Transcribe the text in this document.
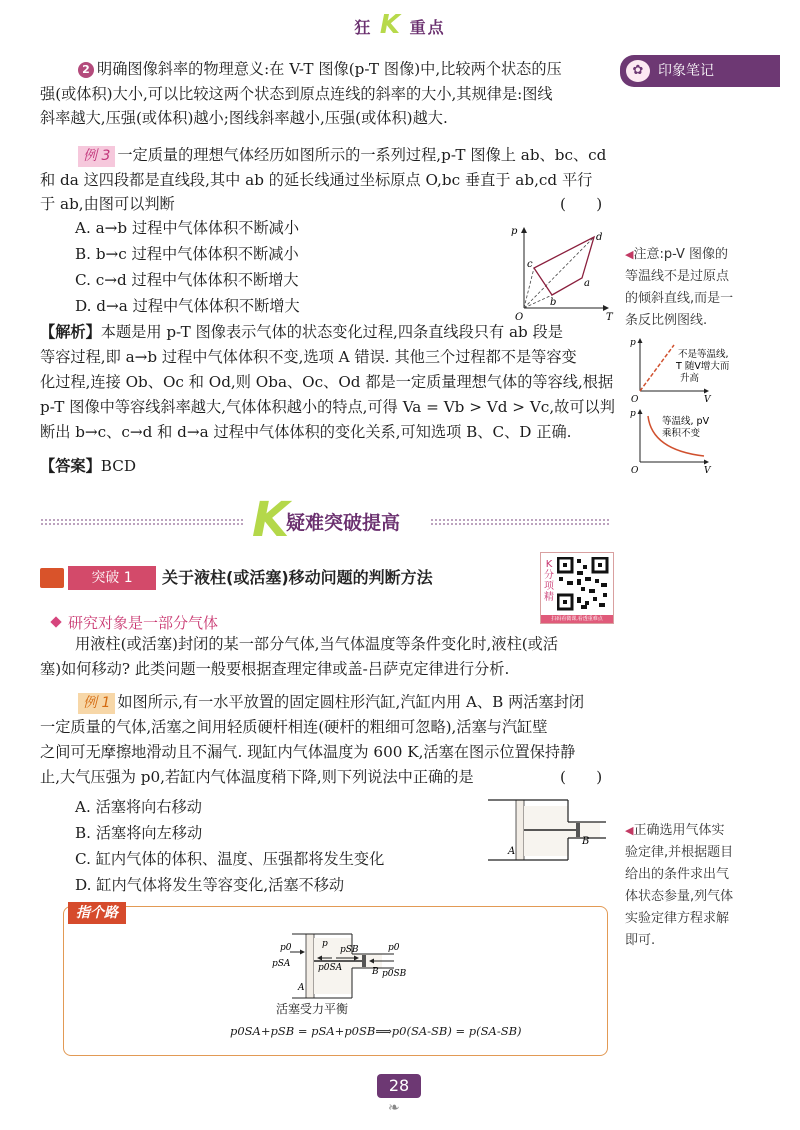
狂 K 重点
✿	印象笔记
2 明确图像斜率的物理意义:在 V-T 图像(p-T 图像)中,比较两个状态的压
强(或体积)大小,可以比较这两个状态到原点连线的斜率的大小,其规律是:图线
斜率越大,压强(或体积)越小;图线斜率越小,压强(或体积)越大.
例 3 一定质量的理想气体经历如图所示的一系列过程,p-T 图像上 ab、bc、cd
和 da 这四段都是直线段,其中 ab 的延长线通过坐标原点 O,bc 垂直于 ab,cd 平行
于 ab,由图可以判断	(　　)
A. a→b 过程中气体体积不断减小
B. b→c 过程中气体体积不断减小
C. c→d 过程中气体体积不断增大
D. d→a 过程中气体体积不断增大
p
T
O
a
b
c
d
【解析】本题是用 p-T 图像表示气体的状态变化过程,四条直线段只有 ab 段是
等容过程,即 a→b 过程中气体体积不变,选项 A 错误. 其他三个过程都不是等容变
化过程,连接 Ob、Oc 和 Od,则 Oba、Oc、Od 都是一定质量理想气体的等容线,根据
p-T 图像中等容线斜率越大,气体体积越小的特点,可得 Va = Vb > Vd > Vc,故可以判
断出 b→c、c→d 和 d→a 过程中气体体积的变化关系,可知选项 B、C、D 正确.
【答案】BCD
◀注意:p-V 图像的
等温线不是过原点
的倾斜直线,而是一
条反比例图线.
p
V
O
不是等温线,
T 随V增大而
升高
p
V
O
等温线, pV
乘积不变
K
疑难突破提高
突破 1	关于液柱(或活塞)移动问题的判断方法
K分项精
扫码看微课,看透重难点
研究对象是一部分气体
用液柱(或活塞)封闭的某一部分气体,当气体温度等条件变化时,液柱(或活
塞)如何移动? 此类问题一般要根据查理定律或盖-吕萨克定律进行分析.
例 1 如图所示,有一水平放置的固定圆柱形汽缸,汽缸内用 A、B 两活塞封闭
一定质量的气体,活塞之间用轻质硬杆相连(硬杆的粗细可忽略),活塞与汽缸壁
之间可无摩擦地滑动且不漏气. 现缸内气体温度为 600 K,活塞在图示位置保持静
止,大气压强为 p0,若缸内气体温度稍下降,则下列说法中正确的是	(　　)
A. 活塞将向右移动
B. 活塞将向左移动
C. 缸内气体的体积、温度、压强都将发生变化
D. 缸内气体将发生等容变化,活塞不移动
A
B
◀正确选用气体实
验定律,并根据题目
给出的条件求出气
体状态参量,列气体
实验定律方程求解
即可.
指个路
p0
pSA
p
pSB
p0SA
p0
B p0SB
A
活塞受力平衡
p0SA+pSB = pSA+p0SB⟹p0(SA-SB) = p(SA-SB)
28
❧
